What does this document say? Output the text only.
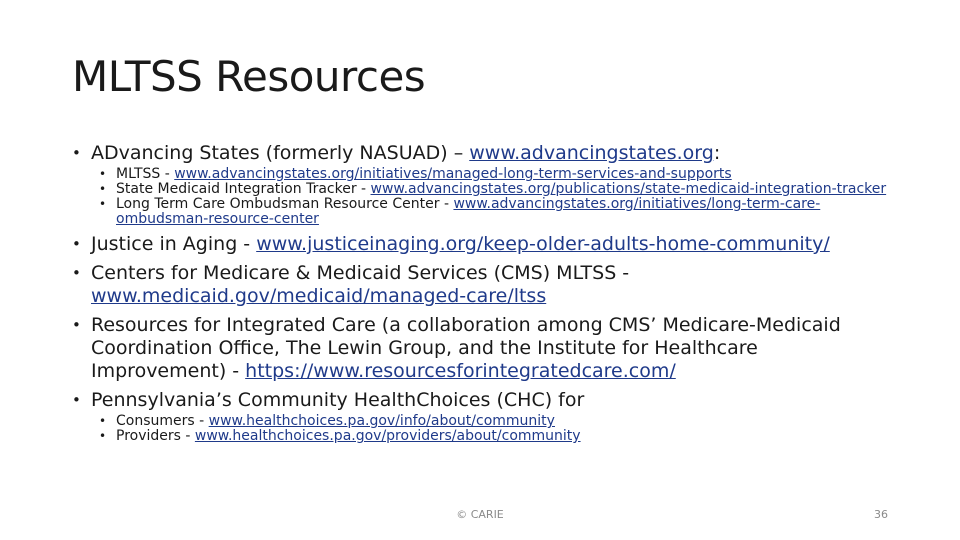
MLTSS Resources
• ADvancing States (formerly NASUAD) – www.advancingstates.org:
• MLTSS - www.advancingstates.org/initiatives/managed-long-term-services-and-supports
• State Medicaid Integration Tracker - www.advancingstates.org/publications/state-medicaid-integration-tracker
• Long Term Care Ombudsman Resource Center - www.advancingstates.org/initiatives/long-term-care-ombudsman-resource-center
• Justice in Aging - www.justiceinaging.org/keep-older-adults-home-community/
• Centers for Medicare & Medicaid Services (CMS) MLTSS - www.medicaid.gov/medicaid/managed-care/ltss
• Resources for Integrated Care (a collaboration among CMS’ Medicare-Medicaid Coordination Office, The Lewin Group, and the Institute for Healthcare Improvement) - https://www.resourcesforintegratedcare.com/
• Pennsylvania’s Community HealthChoices (CHC) for
• Consumers - www.healthchoices.pa.gov/info/about/community
• Providers - www.healthchoices.pa.gov/providers/about/community
© CARIE	36
